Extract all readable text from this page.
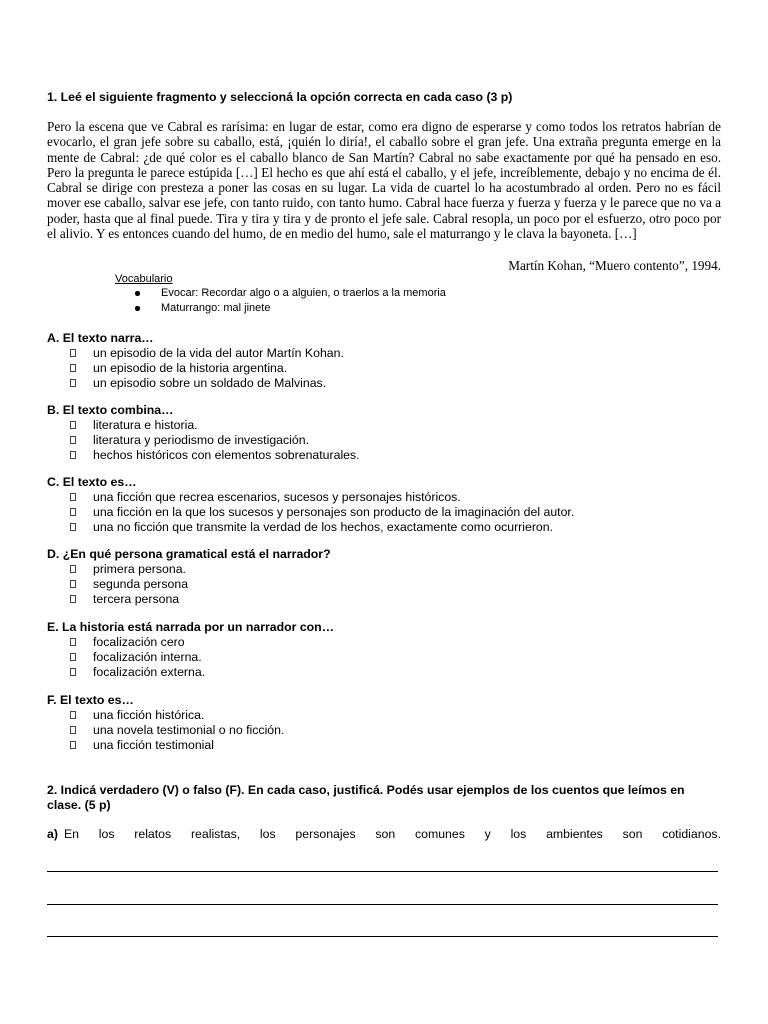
1. Leé el siguiente fragmento y seleccioná la opción correcta en cada caso (3 p)

Pero la escena que ve Cabral es rarísima: en lugar de estar, como era digno de esperarse y como todos los retratos habrían de evocarlo, el gran jefe sobre su caballo, está, ¡quién lo diría!, el caballo sobre el gran jefe. Una extraña pregunta emerge en la mente de Cabral: ¿de qué color es el caballo blanco de San Martín? Cabral no sabe exactamente por qué ha pensado en eso. Pero la pregunta le parece estúpida […] El hecho es que ahí está el caballo, y el jefe, increíblemente, debajo y no encima de él. Cabral se dirige con presteza a poner las cosas en su lugar. La vida de cuartel lo ha acostumbrado al orden. Pero no es fácil mover ese caballo, salvar ese jefe, con tanto ruido, con tanto humo. Cabral hace fuerza y fuerza y fuerza y le parece que no va a poder, hasta que al final puede. Tira y tira y tira y de pronto el jefe sale. Cabral resopla, un poco por el esfuerzo, otro poco por el alivio. Y es entonces cuando del humo, de en medio del humo, sale el maturrango y le clava la bayoneta. […]

Martín Kohan, “Muero contento”, 1994.

Vocabulario

Evocar: Recordar algo o a alguien, o traerlos a la memoria
Maturrango: mal jinete
A. El texto narra…
un episodio de la vida del autor Martín Kohan.
un episodio de la historia argentina.
un episodio sobre un soldado de Malvinas.
B. El texto combina…
literatura e historia.
literatura y periodismo de investigación.
hechos históricos con elementos sobrenaturales.
C. El texto es…
una ficción que recrea escenarios, sucesos y personajes históricos.
una ficción en la que los sucesos y personajes son producto de la imaginación del autor.
una no ficción que transmite la verdad de los hechos, exactamente como ocurrieron.
D. ¿En qué persona gramatical está el narrador?
primera persona.
segunda persona
tercera persona
E. La historia está narrada por un narrador con…
focalización cero
focalización interna.
focalización externa.
F. El texto es…
una ficción histórica.
una novela testimonial o no ficción.
una ficción testimonial

2. Indicá verdadero (V) o falso (F). En cada caso, justificá. Podés usar ejemplos de los cuentos que leímos en clase. (5 p)

a) En los relatos realistas, los personajes son comunes y los ambientes son cotidianos.
